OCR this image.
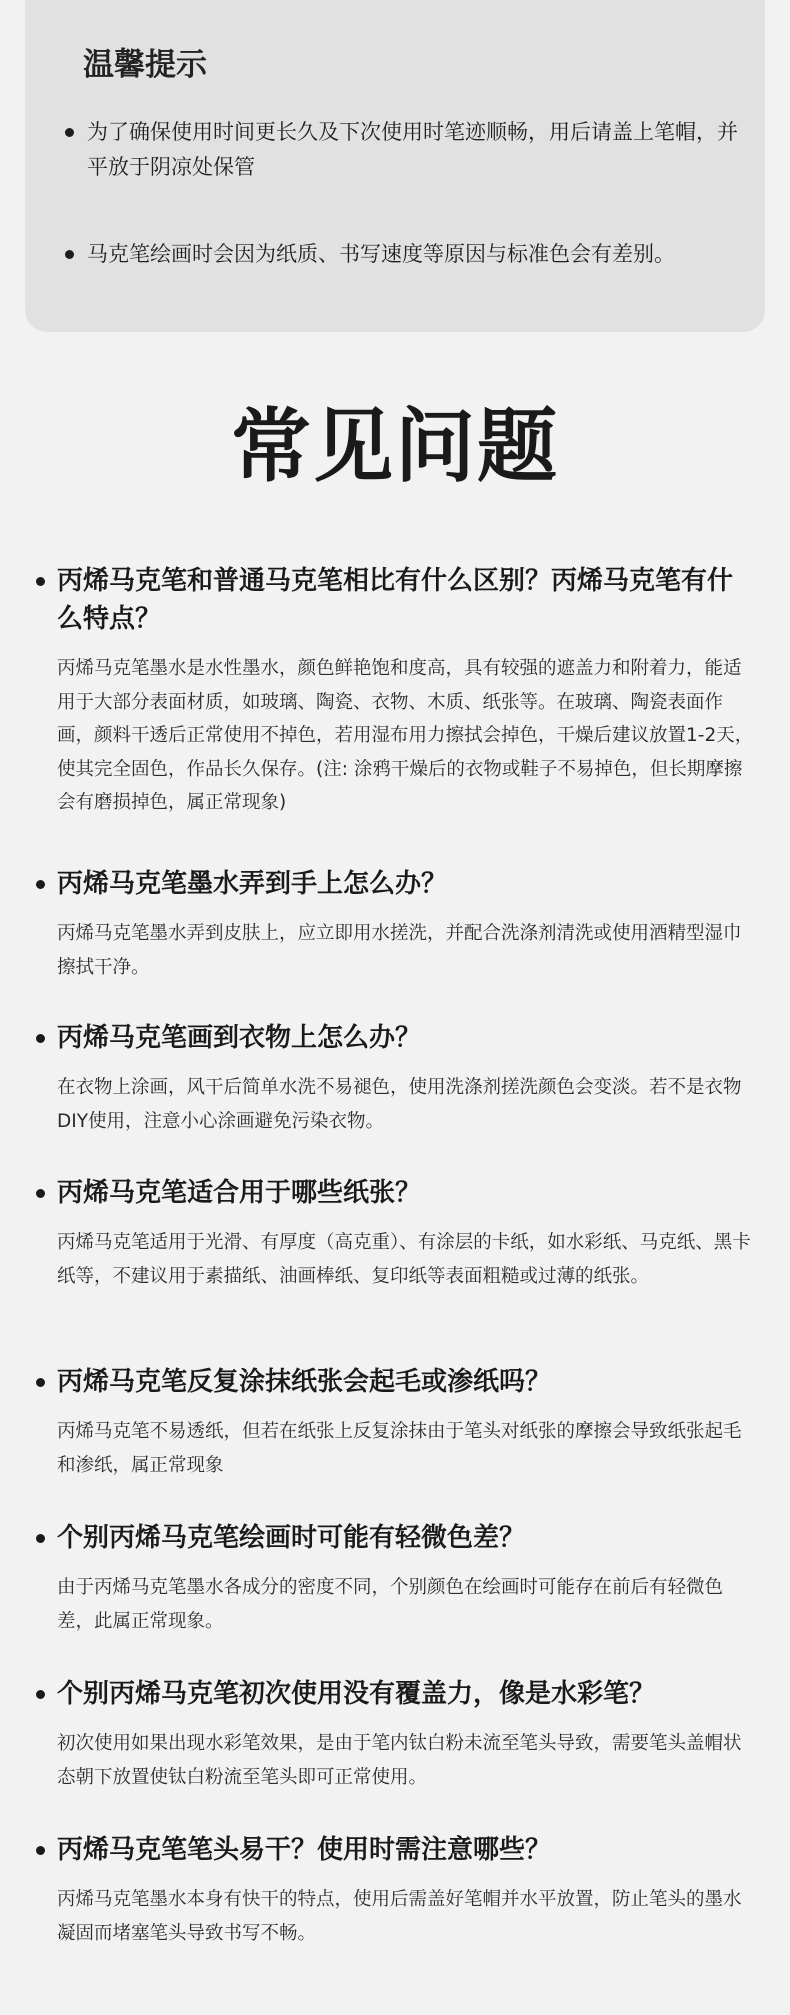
温馨提示
为了确保使用时间更长久及下次使用时笔迹顺畅，用后请盖上笔帽，并平放于阴凉处保管
马克笔绘画时会因为纸质、书写速度等原因与标准色会有差别。
常见问题
丙烯马克笔和普通马克笔相比有什么区别？丙烯马克笔有什么特点？

丙烯马克笔墨水是水性墨水，颜色鲜艳饱和度高，具有较强的遮盖力和附着力，能适用于大部分表面材质，如玻璃、陶瓷、衣物、木质、纸张等。在玻璃、陶瓷表面作画，颜料干透后正常使用不掉色，若用湿布用力擦拭会掉色，干燥后建议放置1-2天，使其完全固色，作品长久保存。(注: 涂鸦干燥后的衣物或鞋子不易掉色，但长期摩擦会有磨损掉色，属正常现象)

丙烯马克笔墨水弄到手上怎么办？

丙烯马克笔墨水弄到皮肤上，应立即用水搓洗，并配合洗涤剂清洗或使用酒精型湿巾擦拭干净。

丙烯马克笔画到衣物上怎么办？

在衣物上涂画，风干后简单水洗不易褪色，使用洗涤剂搓洗颜色会变淡。若不是衣物DIY使用，注意小心涂画避免污染衣物。

丙烯马克笔适合用于哪些纸张？

丙烯马克笔适用于光滑、有厚度（高克重）、有涂层的卡纸，如水彩纸、马克纸、黑卡纸等，不建议用于素描纸、油画棒纸、复印纸等表面粗糙或过薄的纸张。

丙烯马克笔反复涂抹纸张会起毛或渗纸吗？

丙烯马克笔不易透纸，但若在纸张上反复涂抹由于笔头对纸张的摩擦会导致纸张起毛和渗纸，属正常现象

个别丙烯马克笔绘画时可能有轻微色差？

由于丙烯马克笔墨水各成分的密度不同，个别颜色在绘画时可能存在前后有轻微色差，此属正常现象。

个别丙烯马克笔初次使用没有覆盖力，像是水彩笔？

初次使用如果出现水彩笔效果，是由于笔内钛白粉未流至笔头导致，需要笔头盖帽状态朝下放置使钛白粉流至笔头即可正常使用。

丙烯马克笔笔头易干？使用时需注意哪些？

丙烯马克笔墨水本身有快干的特点，使用后需盖好笔帽并水平放置，防止笔头的墨水凝固而堵塞笔头导致书写不畅。
